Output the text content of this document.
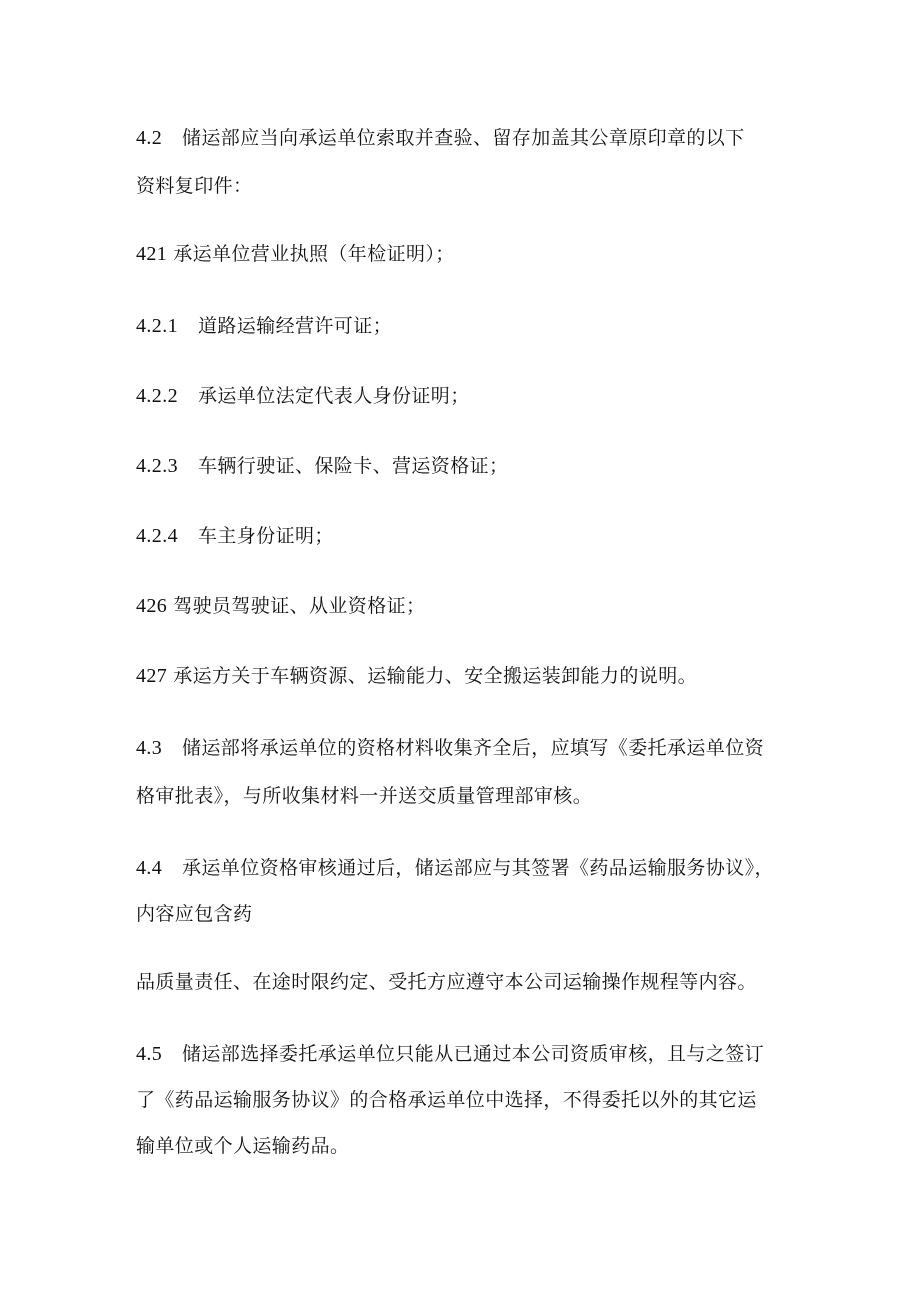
4.2 储运部应当向承运单位索取并查验、留存加盖其公章原印章的以下
资料复印件：
421 承运单位营业执照（年检证明）；
4.2.1 道路运输经营许可证；
4.2.2 承运单位法定代表人身份证明；
4.2.3 车辆行驶证、保险卡、营运资格证；
4.2.4 车主身份证明；
426 驾驶员驾驶证、从业资格证；
427 承运方关于车辆资源、运输能力、安全搬运装卸能力的说明。
4.3 储运部将承运单位的资格材料收集齐全后，应填写《委托承运单位资
格审批表》，与所收集材料一并送交质量管理部审核。
4.4 承运单位资格审核通过后，储运部应与其签署《药品运输服务协议》，
内容应包含药
品质量责任、在途时限约定、受托方应遵守本公司运输操作规程等内容。
4.5 储运部选择委托承运单位只能从已通过本公司资质审核，且与之签订
了《药品运输服务协议》的合格承运单位中选择，不得委托以外的其它运
输单位或个人运输药品。
